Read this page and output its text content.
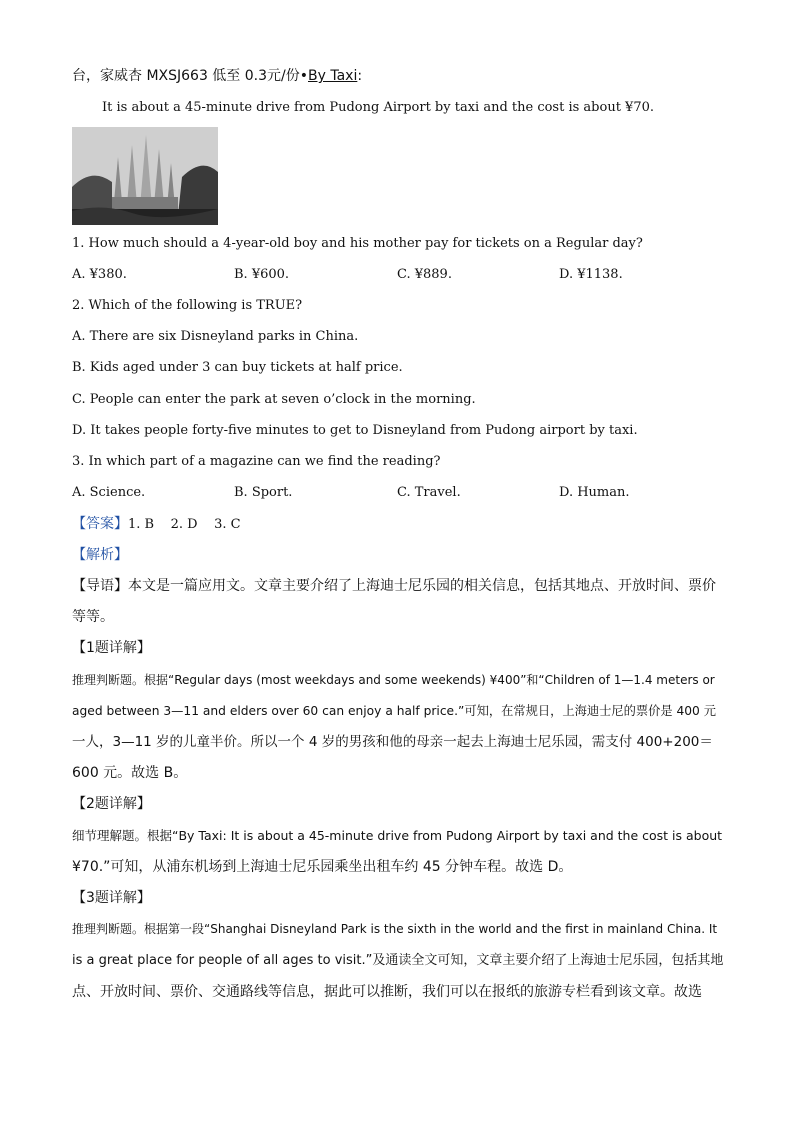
台，家威杏 MXSJ663 低至 0.3元/份•By Taxi:
It is about a 45-minute drive from Pudong Airport by taxi and the cost is about ¥70.
1. How much should a 4-year-old boy and his mother pay for tickets on a Regular day?
A. ¥380.	B. ¥600.	C. ¥889.	D. ¥1138.
2. Which of the following is TRUE?
A. There are six Disneyland parks in China.
B. Kids aged under 3 can buy tickets at half price.
C. People can enter the park at seven o’clock in the morning.
D. It takes people forty-five minutes to get to Disneyland from Pudong airport by taxi.
3. In which part of a magazine can we find the reading?
A. Science.	B. Sport.	C. Travel.	D. Human.
【答案】1. B    2. D    3. C
【解析】
【导语】本文是一篇应用文。文章主要介绍了上海迪士尼乐园的相关信息，包括其地点、开放时间、票价
等等。
【1题详解】
推理判断题。根据“Regular days (most weekdays and some weekends) ¥400”和“Children of 1—1.4 meters or
aged between 3—11 and elders over 60 can enjoy a half price.”可知，在常规日，上海迪士尼的票价是 400 元
一人，3—11 岁的儿童半价。所以一个 4 岁的男孩和他的母亲一起去上海迪士尼乐园，需支付 400+200＝
600 元。故选 B。
【2题详解】
细节理解题。根据“By Taxi: It is about a 45-minute drive from Pudong Airport by taxi and the cost is about
¥70.”可知，从浦东机场到上海迪士尼乐园乘坐出租车约 45 分钟车程。故选 D。
【3题详解】
推理判断题。根据第一段“Shanghai Disneyland Park is the sixth in the world and the first in mainland China. It
is a great place for people of all ages to visit.”及通读全文可知，文章主要介绍了上海迪士尼乐园，包括其地
点、开放时间、票价、交通路线等信息，据此可以推断，我们可以在报纸的旅游专栏看到该文章。故选
